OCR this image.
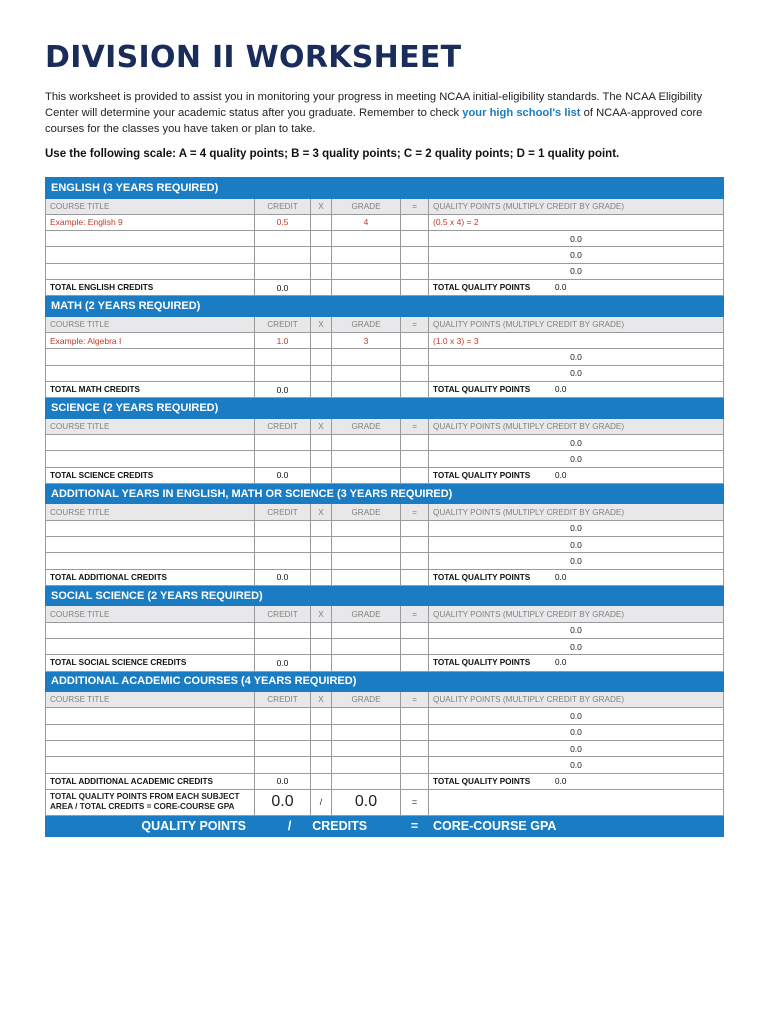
DIVISION II WORKSHEET

This worksheet is provided to assist you in monitoring your progress in meeting NCAA initial-eligibility standards. The NCAA Eligibility Center will determine your academic status after you graduate. Remember to check your high school's list of NCAA-approved core courses for the classes you have taken or plan to take.

Use the following scale: A = 4 quality points; B = 3 quality points; C = 2 quality points; D = 1 quality point.

ENGLISH (3 YEARS REQUIRED)					
COURSE TITLE	CREDIT	X	GRADE	=	QUALITY POINTS (MULTIPLY CREDIT BY GRADE)
Example: English 9	0.5		4		(0.5 x 4) = 2
					0.0
					0.0
					0.0
TOTAL ENGLISH CREDITS	0.0				TOTAL QUALITY POINTS 0.0
MATH (2 YEARS REQUIRED)					
COURSE TITLE	CREDIT	X	GRADE	=	QUALITY POINTS (MULTIPLY CREDIT BY GRADE)
Example: Algebra I	1.0		3		(1.0 x 3) = 3
					0.0
					0.0
TOTAL MATH CREDITS	0.0				TOTAL QUALITY POINTS 0.0
SCIENCE (2 YEARS REQUIRED)					
COURSE TITLE	CREDIT	X	GRADE	=	QUALITY POINTS (MULTIPLY CREDIT BY GRADE)
					0.0
					0.0
TOTAL SCIENCE CREDITS	0.0				TOTAL QUALITY POINTS 0.0
ADDITIONAL YEARS IN ENGLISH, MATH OR SCIENCE (3 YEARS REQUIRED)					
COURSE TITLE	CREDIT	X	GRADE	=	QUALITY POINTS (MULTIPLY CREDIT BY GRADE)
					0.0
					0.0
					0.0
TOTAL ADDITIONAL CREDITS	0.0				TOTAL QUALITY POINTS 0.0
SOCIAL SCIENCE (2 YEARS REQUIRED)					
COURSE TITLE	CREDIT	X	GRADE	=	QUALITY POINTS (MULTIPLY CREDIT BY GRADE)
					0.0
					0.0
TOTAL SOCIAL SCIENCE CREDITS	0.0				TOTAL QUALITY POINTS 0.0
ADDITIONAL ACADEMIC COURSES (4 YEARS REQUIRED)					
COURSE TITLE	CREDIT	X	GRADE	=	QUALITY POINTS (MULTIPLY CREDIT BY GRADE)
					0.0
					0.0
					0.0
					0.0
TOTAL ADDITIONAL ACADEMIC CREDITS	0.0				TOTAL QUALITY POINTS 0.0
TOTAL QUALITY POINTS FROM EACH SUBJECT AREA / TOTAL CREDITS = CORE-COURSE GPA	0.0	/	0.0	=	
QUALITY POINTS	/ CREDITS			=	CORE-COURSE GPA
